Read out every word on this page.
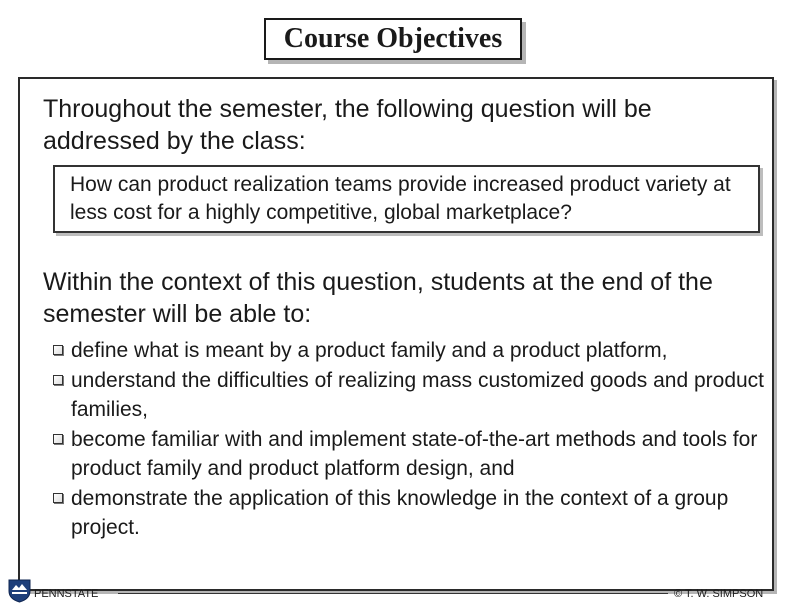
Course Objectives
Throughout the semester, the following question will be addressed by the class:
How can product realization teams provide increased product variety at less cost for a highly competitive, global marketplace?
Within the context of this question, students at the end of the semester will be able to:
define what is meant by a product family and a product platform,
understand the difficulties of realizing mass customized goods and product families,
become familiar with and implement state-of-the-art methods and tools for product family and product platform design, and
demonstrate the application of this knowledge in the context of a group project.
PENNSTATE	© T. W. SIMPSON
